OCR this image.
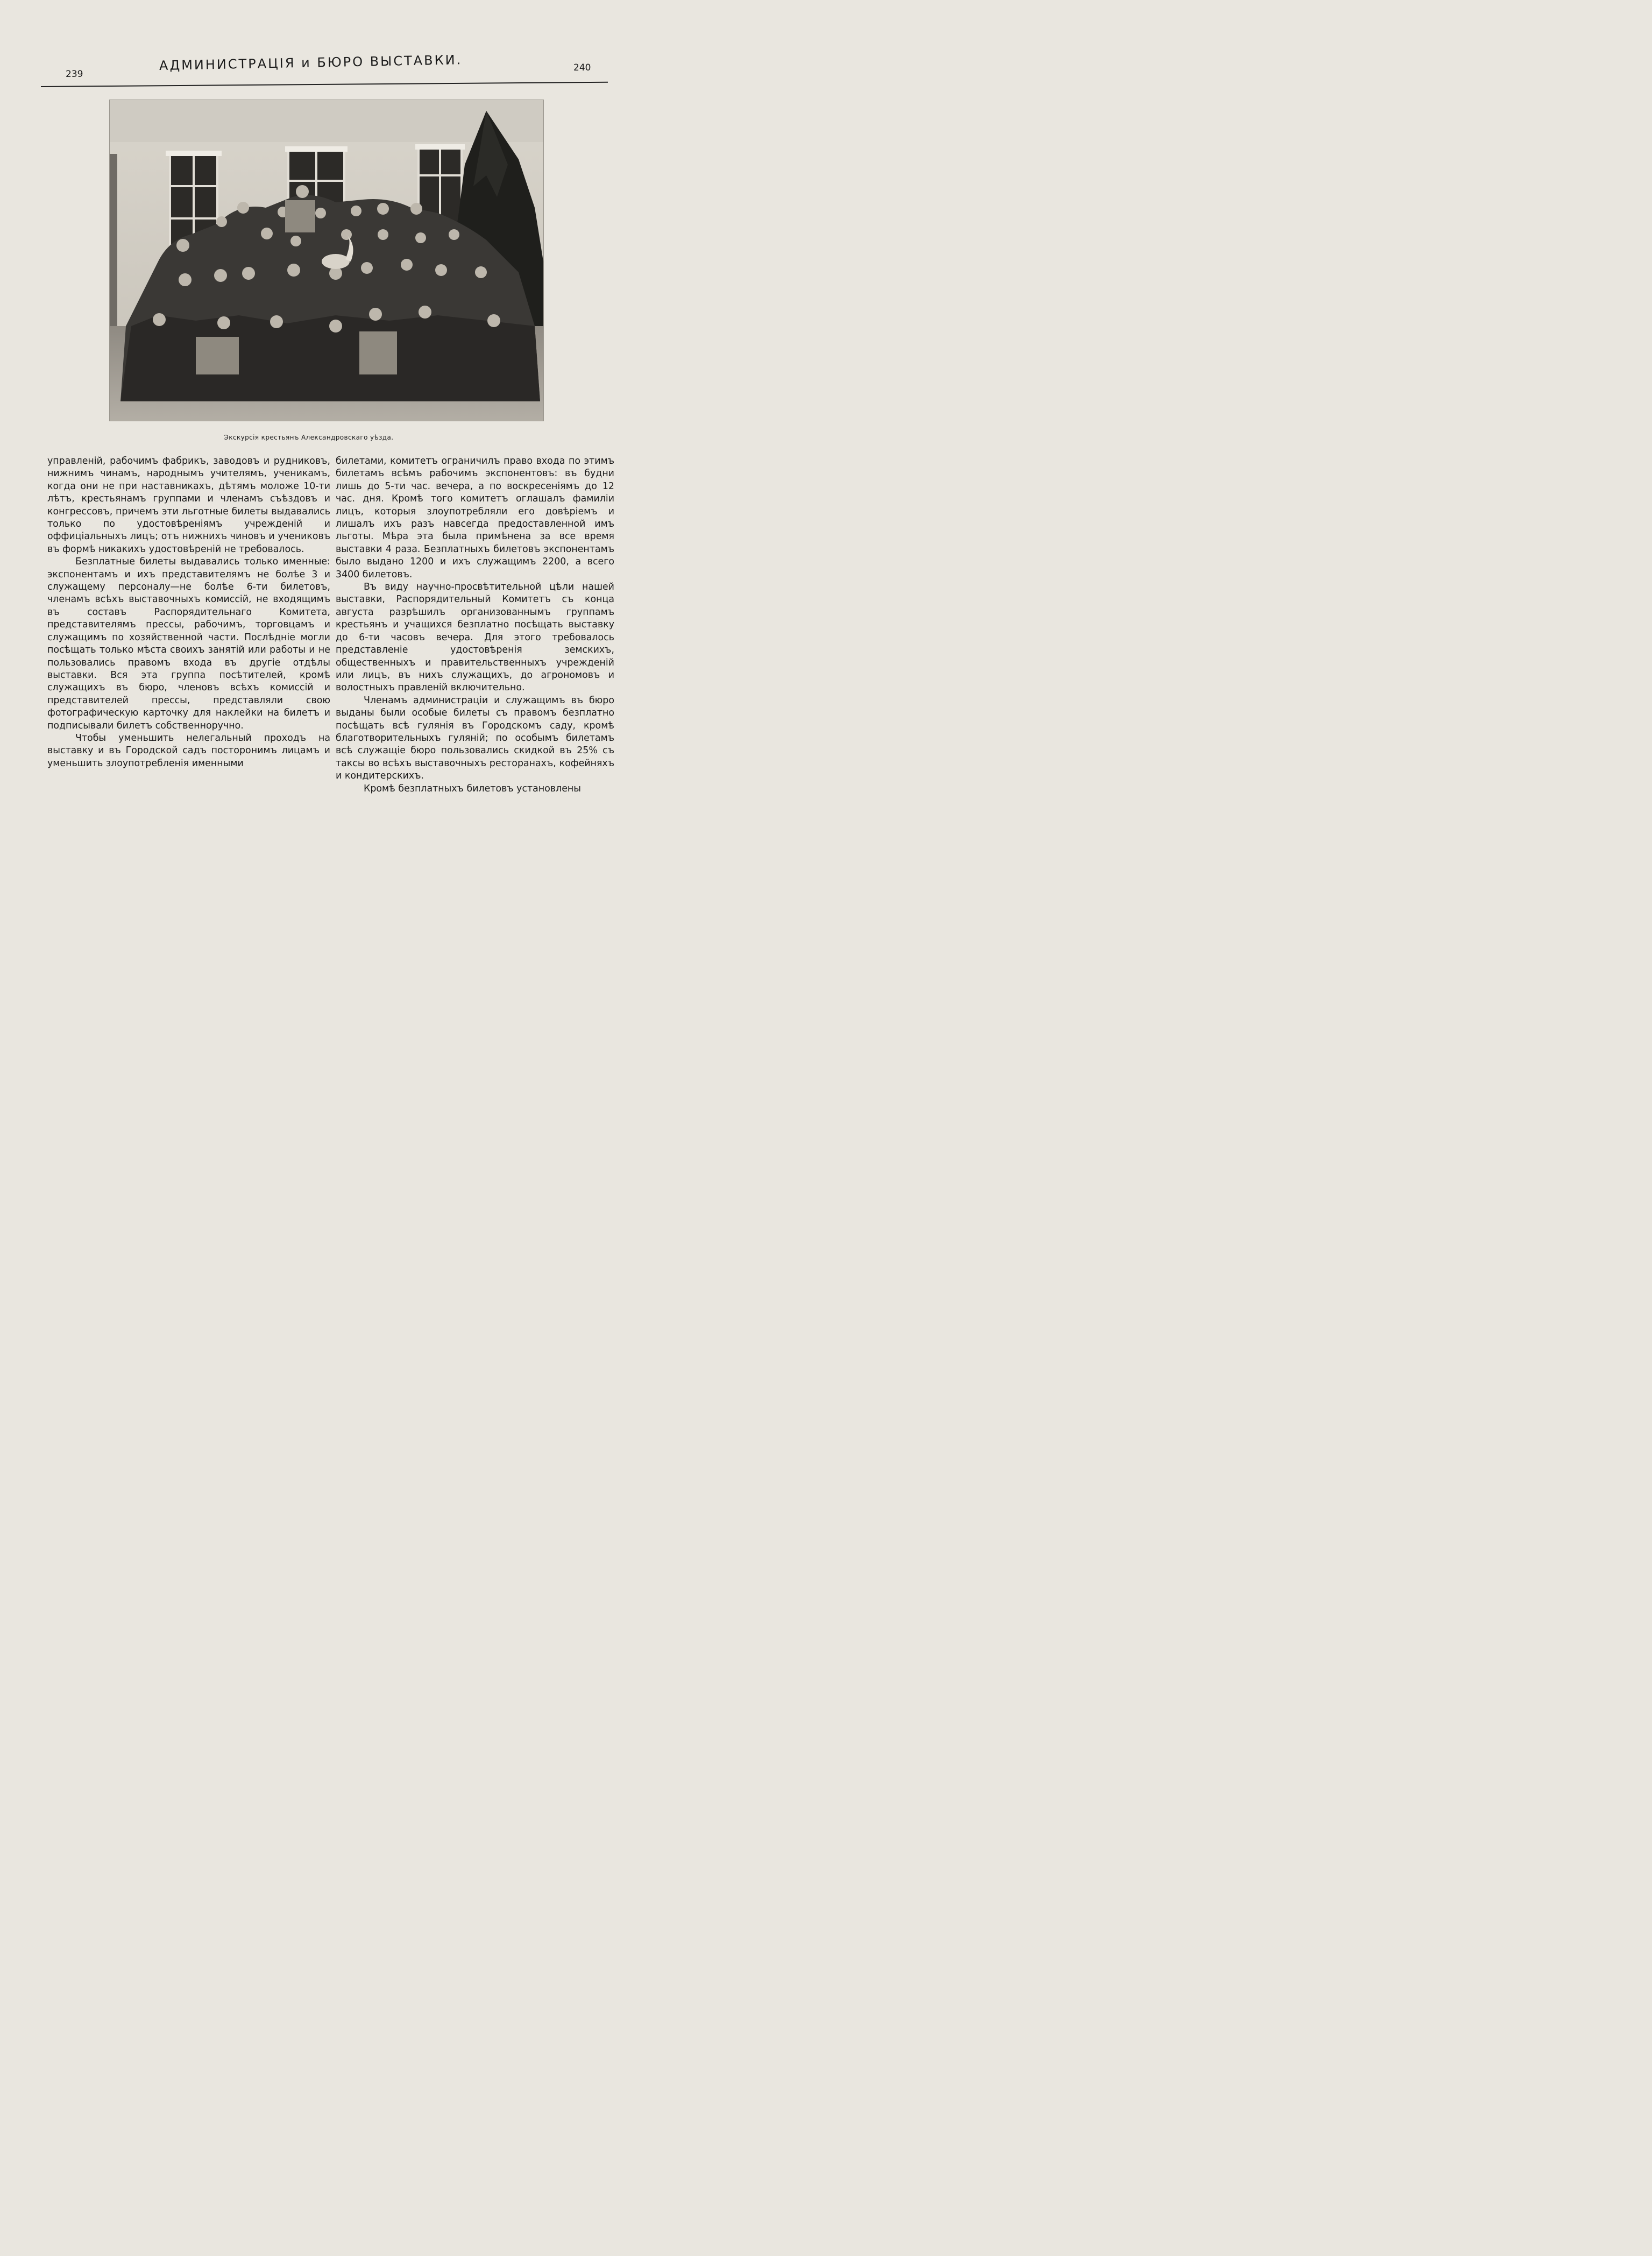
239
АДМИНИСТРАЦІЯ и БЮРО ВЫСТАВКИ.	240
Экскурсія крестьянъ Александровскаго уѣзда.

управленій, рабочимъ фабрикъ, заводовъ и рудниковъ, нижнимъ чинамъ, народнымъ учителямъ, ученикамъ, когда они не при наставникахъ, дѣтямъ моложе 10-ти лѣтъ, крестьянамъ группами и членамъ съѣздовъ и конгрессовъ, причемъ эти льготные билеты выдавались только по удостовѣреніямъ учрежденій и оффиціальныхъ лицъ; отъ нижнихъ чиновъ и учениковъ въ формѣ никакихъ удостовѣреній не требовалось.

Безплатные билеты выдавались только именные: экспонентамъ и ихъ представителямъ не болѣе 3 и служащему персоналу—не болѣе 6-ти билетовъ, членамъ всѣхъ выставочныхъ комиссій, не входящимъ въ составъ Распорядительнаго Комитета, представителямъ прессы, рабочимъ, торговцамъ и служащимъ по хозяйственной части. Послѣдніе могли посѣщать только мѣста своихъ занятій или работы и не пользовались правомъ входа въ другіе отдѣлы выставки. Вся эта группа посѣтителей, кромѣ служащихъ въ бюро, членовъ всѣхъ комиссій и представителей прессы, представляли свою фотографическую карточку для наклейки на билетъ и подписывали билетъ собственноручно.

Чтобы уменьшить нелегальный проходъ на выставку и въ Городской садъ посторонимъ лицамъ и уменьшить злоупотребленія именными

билетами, комитетъ ограничилъ право входа по этимъ билетамъ всѣмъ рабочимъ экспонентовъ: въ будни лишь до 5-ти час. вечера, а по воскресеніямъ до 12 час. дня. Кромѣ того комитетъ оглашалъ фамиліи лицъ, которыя злоупотребляли его довѣріемъ и лишалъ ихъ разъ навсегда предоставленной имъ льготы. Мѣра эта была примѣнена за все время выставки 4 раза. Безплатныхъ билетовъ экспонентамъ было выдано 1200 и ихъ служащимъ 2200, а всего 3400 билетовъ.

Въ виду научно-просвѣтительной цѣли нашей выставки, Распорядительный Комитетъ съ конца августа разрѣшилъ организованнымъ группамъ крестьянъ и учащихся безплатно посѣщать выставку до 6-ти часовъ вечера. Для этого требовалось представленіе удостовѣренія земскихъ, общественныхъ и правительственныхъ учрежденій или лицъ, въ нихъ служащихъ, до агрономовъ и волостныхъ правленій включительно.

Членамъ администраціи и служащимъ въ бюро выданы были особые билеты съ правомъ безплатно посѣщать всѣ гулянія въ Городскомъ саду, кромѣ благотворительныхъ гуляній; по особымъ билетамъ всѣ служащіе бюро пользовались скидкой въ 25% съ таксы во всѣхъ выставочныхъ ресторанахъ, кофейняхъ и кондитерскихъ.

Кромѣ безплатныхъ билетовъ установлены
